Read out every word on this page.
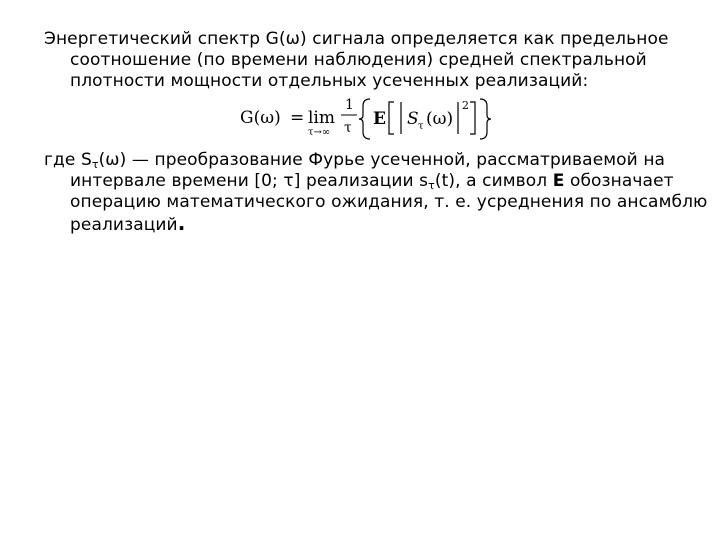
Энергетический спектр G(ω) сигнала определяется как предельное соотношение (по времени наблюдения) средней спектральной плотности мощности отдельных усеченных реализаций:
G(ω) = lim
τ→∞
1
τ E S τ (ω)
2
где $S_\tau(\omega)$ — преобразование Фурье усеченной, рассматриваемой на интервале времени [0; τ] реализации $s_\tau(t)$, а символ E обозначает операцию математического ожидания, т. е. усреднения по ансамблю реализаций.
